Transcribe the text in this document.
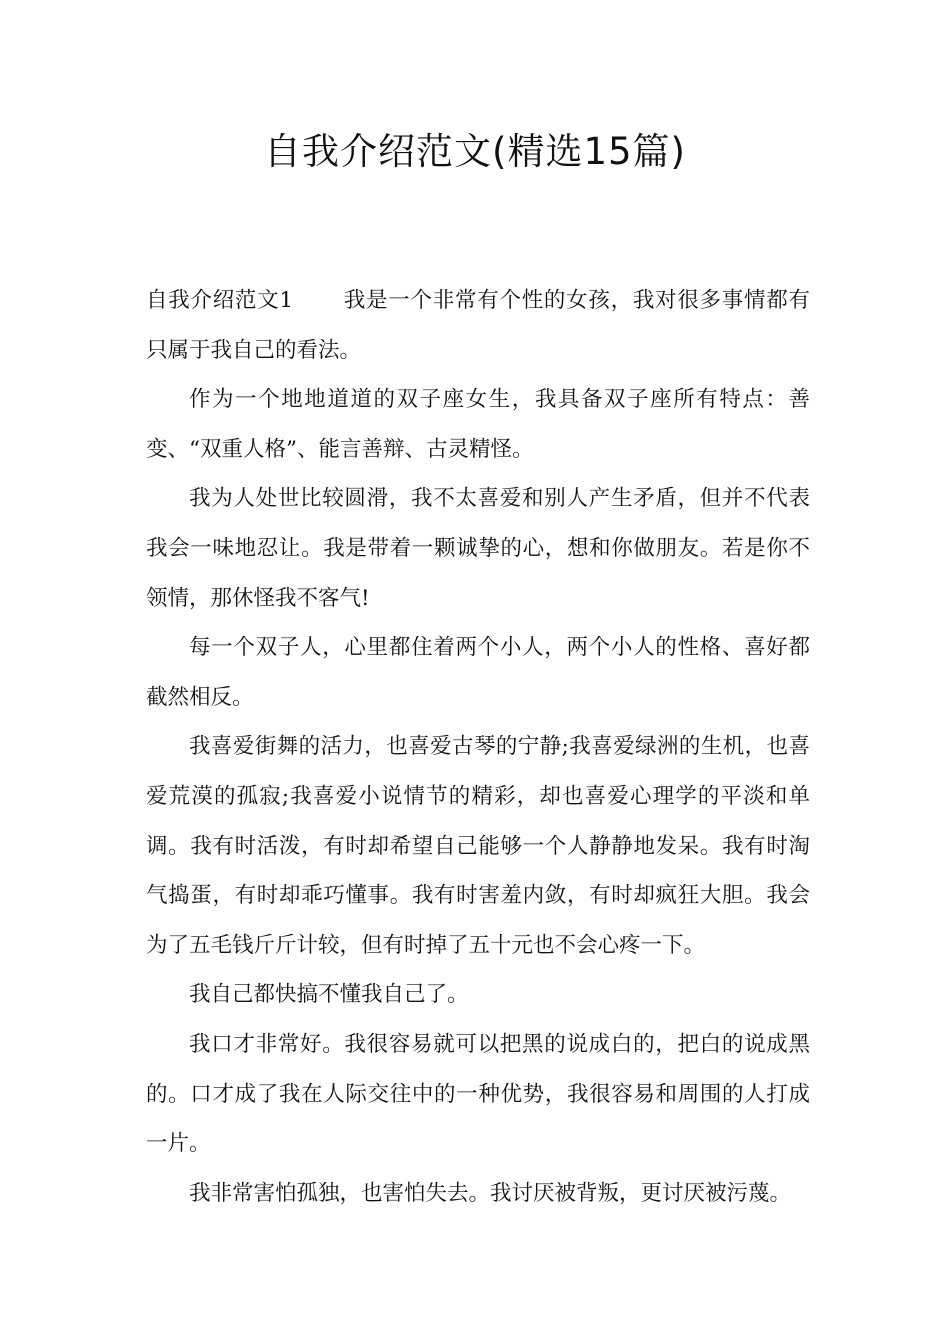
自我介绍范文(精选15篇)

自我介绍范文1 我是一个非常有个性的女孩，我对很多事情都有只属于我自己的看法。

作为一个地地道道的双子座女生，我具备双子座所有特点：善变、“双重人格”、能言善辩、古灵精怪。

我为人处世比较圆滑，我不太喜爱和别人产生矛盾，但并不代表我会一味地忍让。我是带着一颗诚挚的心，想和你做朋友。若是你不领情，那休怪我不客气!

每一个双子人，心里都住着两个小人，两个小人的性格、喜好都截然相反。

我喜爱街舞的活力，也喜爱古琴的宁静;我喜爱绿洲的生机，也喜爱荒漠的孤寂;我喜爱小说情节的精彩，却也喜爱心理学的平淡和单调。我有时活泼，有时却希望自己能够一个人静静地发呆。我有时淘气捣蛋，有时却乖巧懂事。我有时害羞内敛，有时却疯狂大胆。我会为了五毛钱斤斤计较，但有时掉了五十元也不会心疼一下。

我自己都快搞不懂我自己了。

我口才非常好。我很容易就可以把黑的说成白的，把白的说成黑的。口才成了我在人际交往中的一种优势，我很容易和周围的人打成一片。

我非常害怕孤独，也害怕失去。我讨厌被背叛，更讨厌被污蔑。
